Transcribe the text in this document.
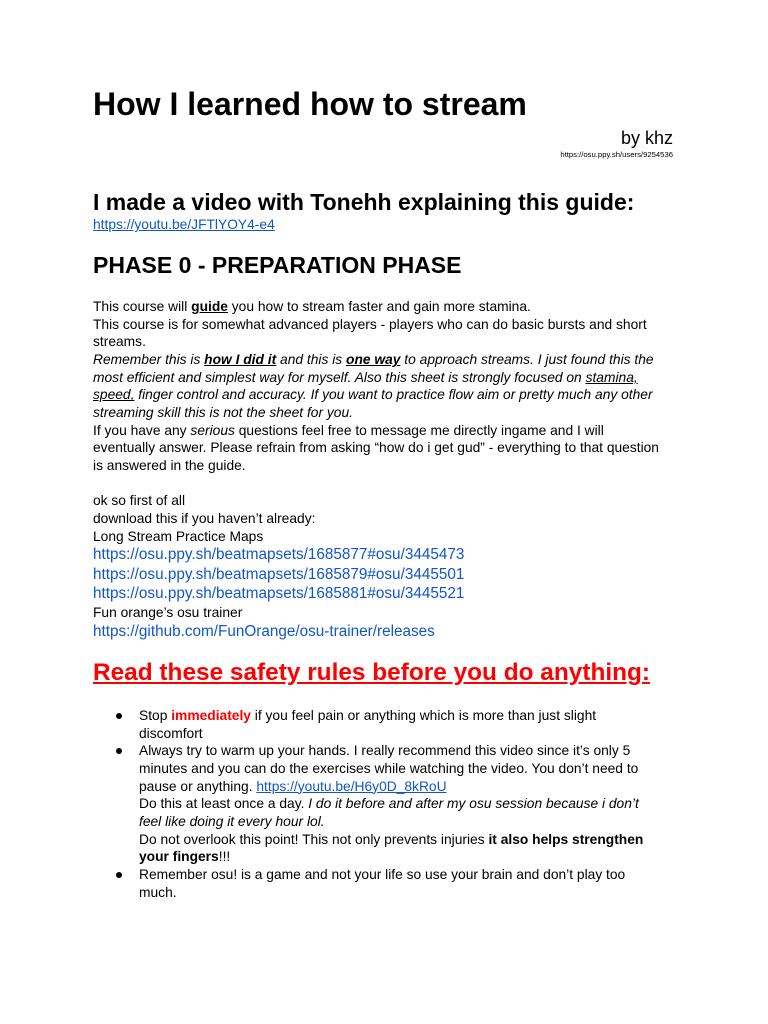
How I learned how to stream
by khz
https://osu.ppy.sh/users/9254536
I made a video with Tonehh explaining this guide:
https://youtu.be/JFTlYOY4-e4
PHASE 0 - PREPARATION PHASE
This course will guide you how to stream faster and gain more stamina.
This course is for somewhat advanced players - players who can do basic bursts and short
streams.
Remember this is how I did it and this is one way to approach streams. I just found this the
most efficient and simplest way for myself. Also this sheet is strongly focused on stamina,
speed, finger control and accuracy. If you want to practice flow aim or pretty much any other
streaming skill this is not the sheet for you.
If you have any serious questions feel free to message me directly ingame and I will
eventually answer. Please refrain from asking “how do i get gud” - everything to that question
is answered in the guide.
ok so first of all
download this if you haven’t already:
Long Stream Practice Maps
https://osu.ppy.sh/beatmapsets/1685877#osu/3445473
https://osu.ppy.sh/beatmapsets/1685879#osu/3445501
https://osu.ppy.sh/beatmapsets/1685881#osu/3445521
Fun orange’s osu trainer
https://github.com/FunOrange/osu-trainer/releases
Read these safety rules before you do anything:
Stop immediately if you feel pain or anything which is more than just slight
discomfort
Always try to warm up your hands. I really recommend this video since it’s only 5
minutes and you can do the exercises while watching the video. You don’t need to
pause or anything. https://youtu.be/H6y0D_8kRoU
Do this at least once a day. I do it before and after my osu session because i don’t
feel like doing it every hour lol.
Do not overlook this point! This not only prevents injuries it also helps strengthen
your fingers!!!
Remember osu! is a game and not your life so use your brain and don’t play too
much.
